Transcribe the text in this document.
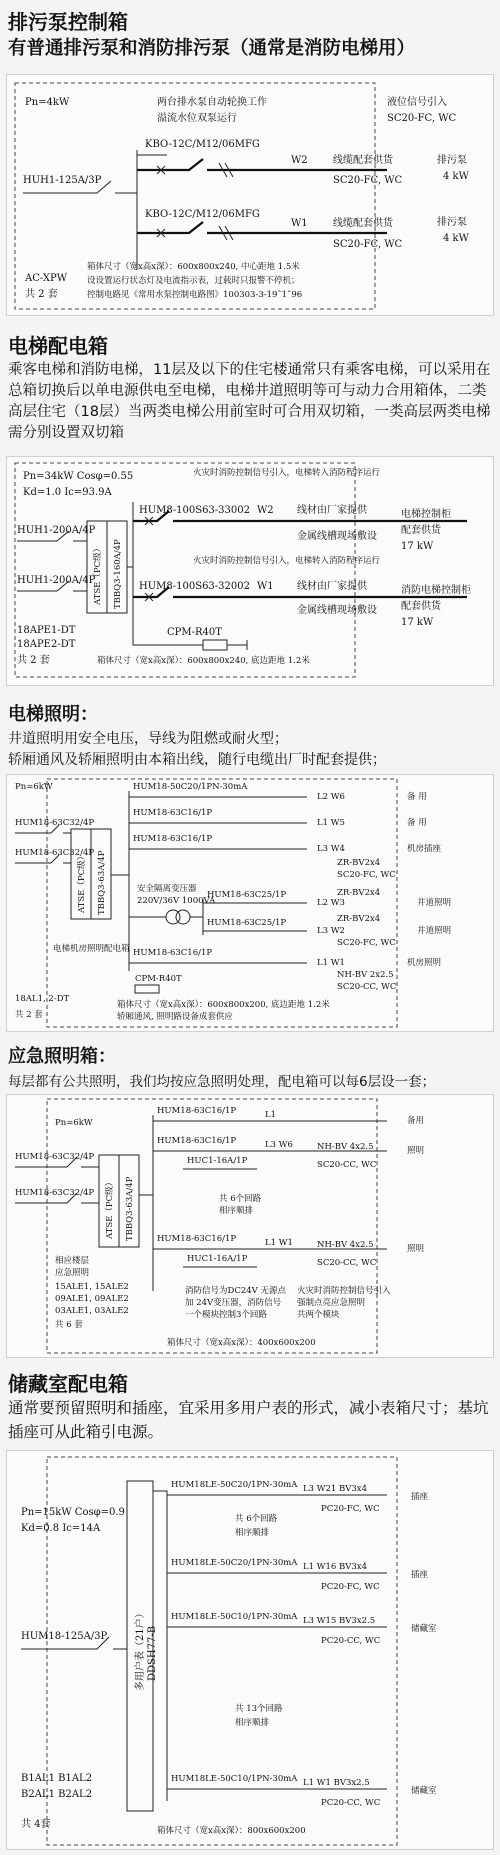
排污泵控制箱
有普通排污泵和消防排污泵（通常是消防电梯用）
Pn=4kW	两台排水泵自动轮换工作
溢流水位双泵运行
液位信号引入
SC20-FC, WC
HUH1-125A/3P
KBO-12C/M12/06MFG
W2	线缆配套供货
SC20-FC, WC
排污泵
4 kW
KBO-12C/M12/06MFG
W1	线缆配套供货
SC20-FC, WC
排污泵
4 kW
箱体尺寸（宽x高x深）：600x800x240, 中心距地 1.5米
AC-XPW 设设置运行状态灯及电流指示表，过载时只报警不停机；
共 2 套	控制电路见《常用水泵控制电路图》100303-3-19ˆ1ˆ96
电梯配电箱
乘客电梯和消防电梯，11层及以下的住宅楼通常只有乘客电梯，可以采用在总箱切换后以单电源供电至电梯，电梯井道照明等可与动力合用箱体，二类高层住宅（18层）当两类电梯公用前室时可合用双切箱，一类高层两类电梯需分别设置双切箱
Pn=34kW Cosφ=0.55
Kd=1.0 Ic=93.9A
火灾时消防控制信号引入，电梯转入消防程序运行
HUM8-100S63-33002 W2 线材由厂家提供
金属线槽现场敷设
电梯控制柜
配套供货
17 kW
火灾时消防控制信号引入，电梯转入消防程序运行
HUM8-100S63-32002 W1 线材由厂家提供
金属线槽现场敷设
消防电梯控制柜
配套供货
17 kW
HUH1-200A/4P
HUH1-200A/4P
ATSE（PC级） TBBQ3-160A/4P
CPM-R40T
18APE1-DT
18APE2-DT
共 2 套	箱体尺寸（宽x高x深）：600x800x240, 底边距地 1.2米
电梯照明：
井道照明用安全电压，导线为阻燃或耐火型；
轿厢通风及轿厢照明由本箱出线，随行电缆出厂时配套提供；
Pn=6kW	HUM18-50C20/1PN-30mA
L2 W6	备 用
HUM18-63C16/1P
L1 W5	备 用
HUM18-63C16/1P
L3 W4
ZR-BV2x4
SC20-FC, WC
机房插座
安全隔离变压器
220V/36V 1000VA
HUM18-63C25/1P
L2 W3
ZR-BV2x4
井道照明
HUM18-63C25/1P
L3 W2
ZR-BV2x4
SC20-FC, WC
井道照明
HUM18-63C16/1P
L1 W1
NH-BV 2x2.5
SC20-CC, WC
机房照明
HUM18-63C32/4P
HUM18-63C32/4P
ATSE（PC级） TBBQ3-63A/4P
电梯机房照明配电箱
CPM-R40T
18AL1, 2-DT
共 2 套
箱体尺寸（宽x高x深）：600x800x200, 底边距地 1.2米
轿厢通风, 照明路设备成套供应
应急照明箱：
每层都有公共照明，我们均按应急照明处理，配电箱可以每6层设一套；
Pn=6kW
HUM18-63C16/1P	L1
备用
HUM18-63C16/1P	L3 W6	NH-BV 4x2.5
SC20-CC, WC
照明
HUC1-16A/1P
共 6个回路
相序顺排
HUM18-63C16/1P	L1 W1	NH-BV 4x2.5
SC20-CC, WC
照明
HUC1-16A/1P
HUM18-63C32/4P
HUM18-63C32/4P ATSE（PC级） TBBQ3-63A/4P
相应楼层
应急照明
15ALE1, 15ALE2
09ALE1, 09ALE2
03ALE1, 03ALE2
共 6 套
消防信号为DC24V 无源点
加 24V变压器，消防信号
一个模块控制3个回路
火灾时消防控制信号引入
强制点亮应急照明
共两个模块
箱体尺寸（宽x高x深）：400x600x200
储藏室配电箱
通常要预留照明和插座，宜采用多用户表的形式，减小表箱尺寸；基坑插座可从此箱引电源。
Pn=15kW Cosφ=0.9
Kd=0.8 Ic=14A
HUM18-125A/3P	多用户表（21户） DDSH77-B
HUM18LE-50C20/1PN-30mA L3 W21 BV3x4
PC20-FC, WC
插座
共 6个回路
相序顺排
HUM18LE-50C20/1PN-30mA L1 W16 BV3x4
PC20-FC, WC
插座
HUM18LE-50C10/1PN-30mA L3 W15 BV3x2.5
PC20-CC, WC
储藏室
共 13个回路
相序顺排
HUM18LE-50C10/1PN-30mA L1 W1 BV3x2.5
PC20-CC, WC
储藏室
B1AL1 B1AL2
B2AL1 B2AL2
共 4套
箱体尺寸（宽x高x深）：800x600x200
